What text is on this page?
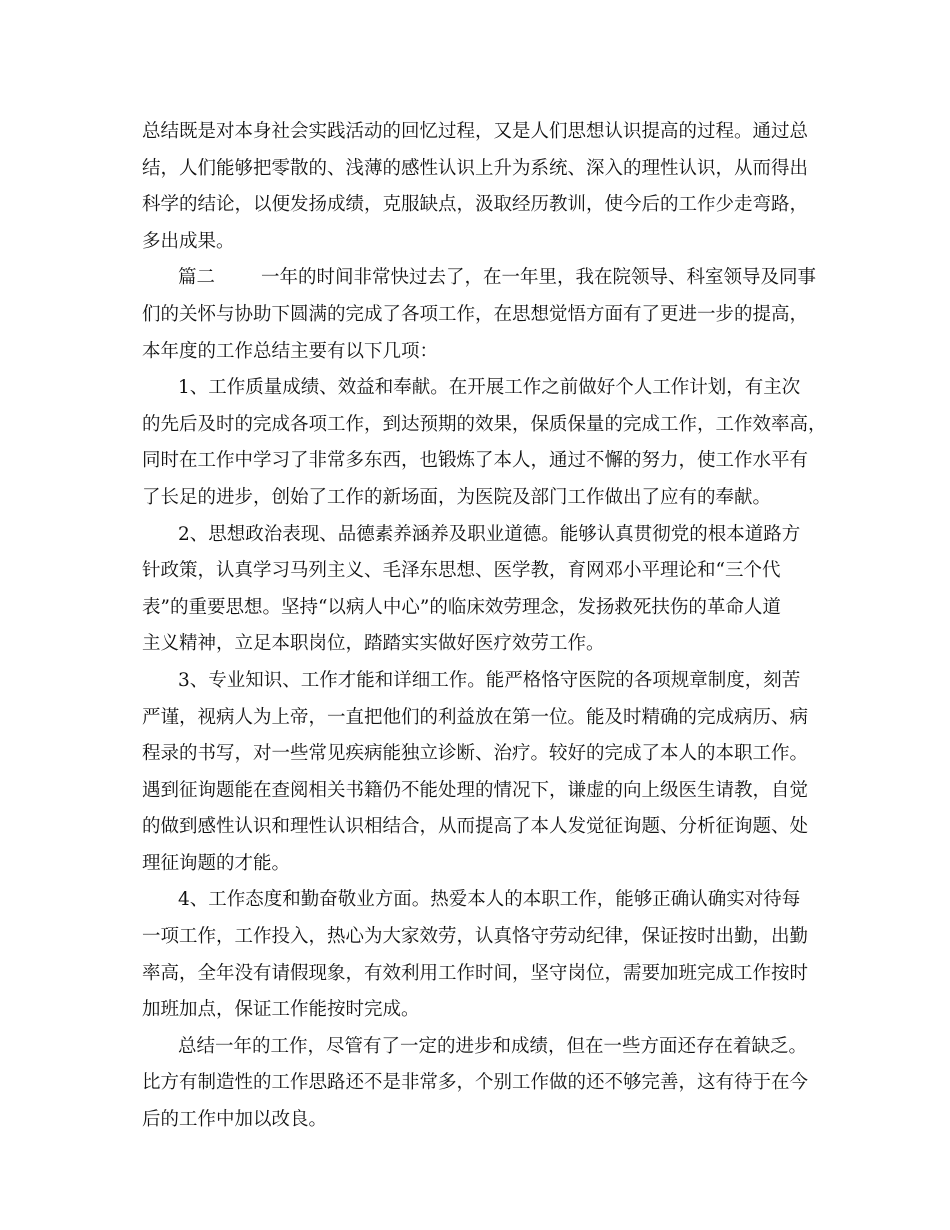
总结既是对本身社会实践活动的回忆过程，又是人们思想认识提高的过程。通过总
结，人们能够把零散的、浅薄的感性认识上升为系统、深入的理性认识，从而得出
科学的结论，以便发扬成绩，克服缺点，汲取经历教训，使今后的工作少走弯路，
多出成果。
篇二 一年的时间非常快过去了，在一年里，我在院领导、科室领导及同事
们的关怀与协助下圆满的完成了各项工作，在思想觉悟方面有了更进一步的提高，
本年度的工作总结主要有以下几项：
1、工作质量成绩、效益和奉献。在开展工作之前做好个人工作计划，有主次
的先后及时的完成各项工作，到达预期的效果，保质保量的完成工作，工作效率高，
同时在工作中学习了非常多东西，也锻炼了本人，通过不懈的努力，使工作水平有
了长足的进步，创始了工作的新场面，为医院及部门工作做出了应有的奉献。
2、思想政治表现、品德素养涵养及职业道德。能够认真贯彻党的根本道路方
针政策，认真学习马列主义、毛泽东思想、医学教，育网邓小平理论和“三个代
表”的重要思想。坚持“以病人中心”的临床效劳理念，发扬救死扶伤的革命人道
主义精神，立足本职岗位，踏踏实实做好医疗效劳工作。
3、专业知识、工作才能和详细工作。能严格恪守医院的各项规章制度，刻苦
严谨，视病人为上帝，一直把他们的利益放在第一位。能及时精确的完成病历、病
程录的书写，对一些常见疾病能独立诊断、治疗。较好的完成了本人的本职工作。
遇到征询题能在查阅相关书籍仍不能处理的情况下，谦虚的向上级医生请教，自觉
的做到感性认识和理性认识相结合，从而提高了本人发觉征询题、分析征询题、处
理征询题的才能。
4、工作态度和勤奋敬业方面。热爱本人的本职工作，能够正确认确实对待每
一项工作，工作投入，热心为大家效劳，认真恪守劳动纪律，保证按时出勤，出勤
率高，全年没有请假现象，有效利用工作时间，坚守岗位，需要加班完成工作按时
加班加点，保证工作能按时完成。
总结一年的工作，尽管有了一定的进步和成绩，但在一些方面还存在着缺乏。
比方有制造性的工作思路还不是非常多，个别工作做的还不够完善，这有待于在今
后的工作中加以改良。
